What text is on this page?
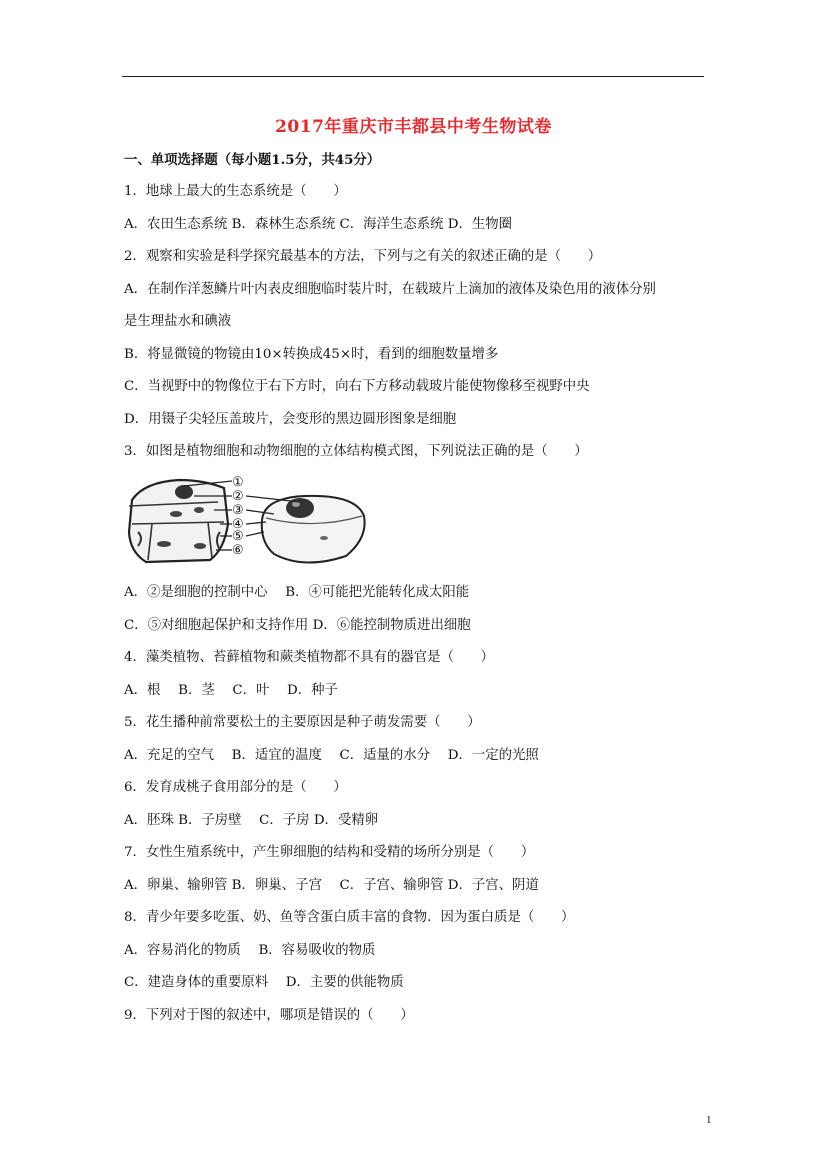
2017年重庆市丰都县中考生物试卷
一、单项选择题（每小题1.5分，共45分）
1．地球上最大的生态系统是（　　）
A．农田生态系统 B．森林生态系统 C．海洋生态系统 D．生物圈
2．观察和实验是科学探究最基本的方法，下列与之有关的叙述正确的是（　　）
A．在制作洋葱鳞片叶内表皮细胞临时装片时，在载玻片上滴加的液体及染色用的液体分别
是生理盐水和碘液
B．将显微镜的物镜由10×转换成45×时，看到的细胞数量增多
C．当视野中的物像位于右下方时，向右下方移动载玻片能使物像移至视野中央
D．用镊子尖轻压盖玻片，会变形的黑边圆形图象是细胞
3．如图是植物细胞和动物细胞的立体结构模式图，下列说法正确的是（　　）
①
②
③
④
⑤
⑥
A．②是细胞的控制中心　 B．④可能把光能转化成太阳能
C．⑤对细胞起保护和支持作用 D．⑥能控制物质进出细胞
4．藻类植物、苔藓植物和蕨类植物都不具有的器官是（　　）
A．根　 B．茎　 C．叶　 D．种子
5．花生播种前常要松土的主要原因是种子萌发需要（　　）
A．充足的空气　 B．适宜的温度　 C．适量的水分　 D．一定的光照
6．发育成桃子食用部分的是（　　）
A．胚珠 B．子房壁　 C．子房 D．受精卵
7．女性生殖系统中，产生卵细胞的结构和受精的场所分别是（　　）
A．卵巢、输卵管 B．卵巢、子宫　 C．子宫、输卵管 D．子宫、阴道
8．青少年要多吃蛋、奶、鱼等含蛋白质丰富的食物．因为蛋白质是（　　）
A．容易消化的物质　 B．容易吸收的物质
C．建造身体的重要原料　 D．主要的供能物质
9．下列对于图的叙述中，哪项是错误的（　　）
1
